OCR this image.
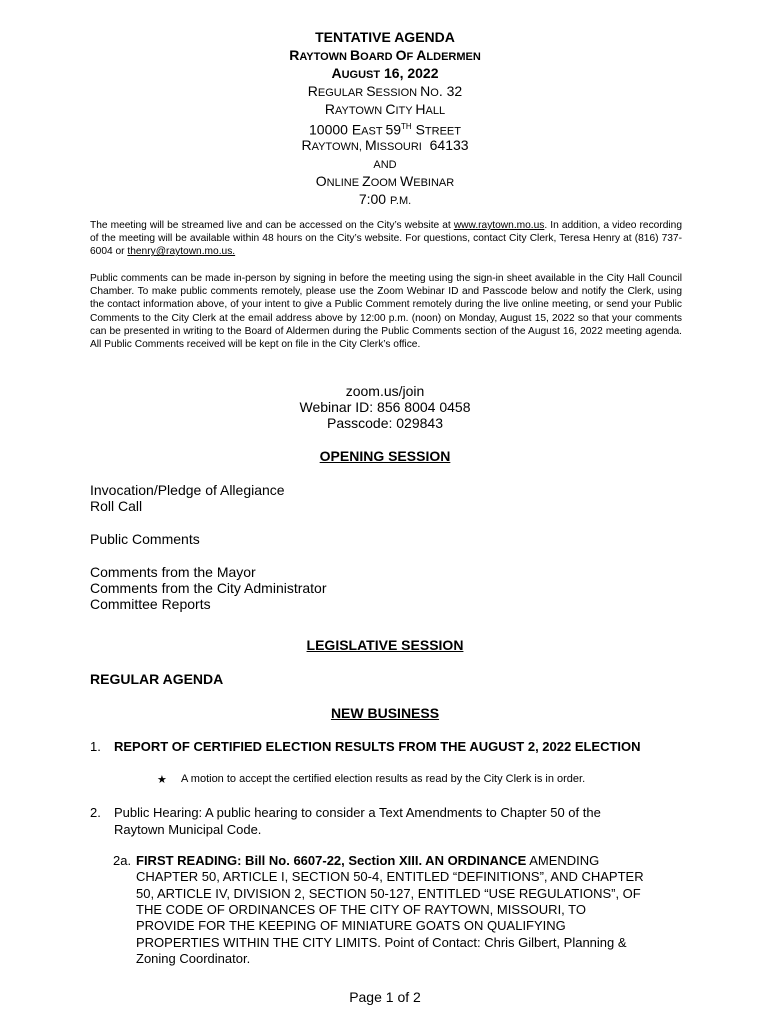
TENTATIVE AGENDA
RAYTOWN BOARD OF ALDERMEN
AUGUST 16, 2022
REGULAR SESSION NO. 32
RAYTOWN CITY HALL
10000 EAST 59TH STREET
RAYTOWN, MISSOURI  64133
AND
ONLINE ZOOM WEBINAR
7:00 P.M.
The meeting will be streamed live and can be accessed on the City’s website at www.raytown.mo.us. In addition, a video recording of the meeting will be available within 48 hours on the City’s website. For questions, contact City Clerk, Teresa Henry at (816) 737-6004 or thenry@raytown.mo.us.
Public comments can be made in-person by signing in before the meeting using the sign-in sheet available in the City Hall Council Chamber. To make public comments remotely, please use the Zoom Webinar ID and Passcode below and notify the Clerk, using the contact information above, of your intent to give a Public Comment remotely during the live online meeting, or send your Public Comments to the City Clerk at the email address above by 12:00 p.m. (noon) on Monday, August 15, 2022 so that your comments can be presented in writing to the Board of Aldermen during the Public Comments section of the August 16, 2022 meeting agenda. All Public Comments received will be kept on file in the City Clerk’s office.
zoom.us/join
Webinar ID: 856 8004 0458
Passcode: 029843
OPENING SESSION
Invocation/Pledge of Allegiance
Roll Call
Public Comments
Comments from the Mayor
Comments from the City Administrator
Committee Reports
LEGISLATIVE SESSION
REGULAR AGENDA
NEW BUSINESS
1. REPORT OF CERTIFIED ELECTION RESULTS FROM THE AUGUST 2, 2022 ELECTION
★ A motion to accept the certified election results as read by the City Clerk is in order.
2. Public Hearing: A public hearing to consider a Text Amendments to Chapter 50 of the
Raytown Municipal Code.
2a. FIRST READING: Bill No. 6607-22, Section XIII. AN ORDINANCE AMENDING
CHAPTER 50, ARTICLE I, SECTION 50-4, ENTITLED “DEFINITIONS”, AND CHAPTER
50, ARTICLE IV, DIVISION 2, SECTION 50-127, ENTITLED “USE REGULATIONS”, OF
THE CODE OF ORDINANCES OF THE CITY OF RAYTOWN, MISSOURI, TO
PROVIDE FOR THE KEEPING OF MINIATURE GOATS ON QUALIFYING
PROPERTIES WITHIN THE CITY LIMITS. Point of Contact: Chris Gilbert, Planning &
Zoning Coordinator.
Page 1 of 2
